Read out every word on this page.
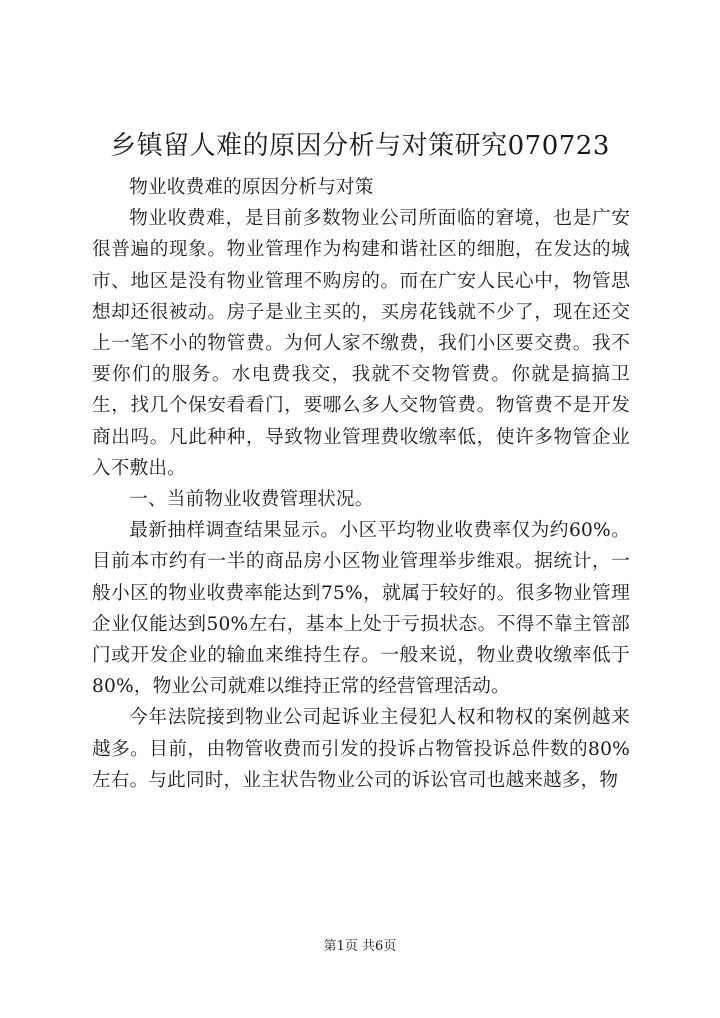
乡镇留人难的原因分析与对策研究070723

物业收费难的原因分析与对策

物业收费难，是目前多数物业公司所面临的窘境，也是广安很普遍的现象。物业管理作为构建和谐社区的细胞，在发达的城市、地区是没有物业管理不购房的。而在广安人民心中，物管思想却还很被动。房子是业主买的，买房花钱就不少了，现在还交上一笔不小的物管费。为何人家不缴费，我们小区要交费。我不要你们的服务。水电费我交，我就不交物管费。你就是搞搞卫生，找几个保安看看门，要哪么多人交物管费。物管费不是开发商出吗。凡此种种，导致物业管理费收缴率低，使许多物管企业入不敷出。

一、当前物业收费管理状况。

最新抽样调查结果显示。小区平均物业收费率仅为约60%。目前本市约有一半的商品房小区物业管理举步维艰。据统计，一般小区的物业收费率能达到75%，就属于较好的。很多物业管理企业仅能达到50%左右，基本上处于亏损状态。不得不靠主管部门或开发企业的输血来维持生存。一般来说，物业费收缴率低于80%，物业公司就难以维持正常的经营管理活动。

今年法院接到物业公司起诉业主侵犯人权和物权的案例越来越多。目前，由物管收费而引发的投诉占物管投诉总件数的80%左右。与此同时，业主状告物业公司的诉讼官司也越来越多，物

第1页 共6页
